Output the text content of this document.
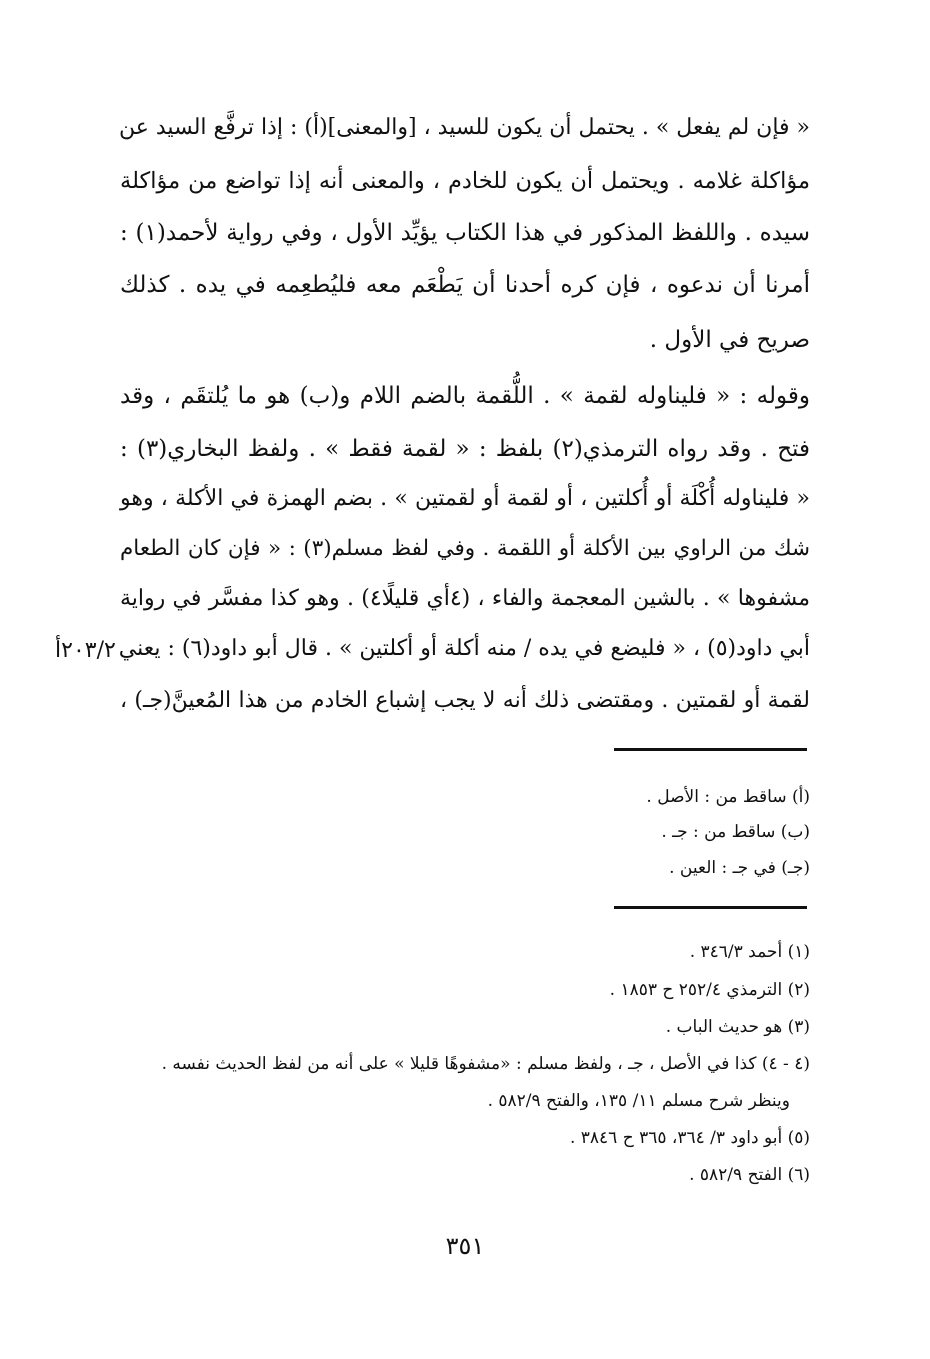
« فإن لم يفعل » . يحتمل أن يكون للسيد ، [والمعنى](أ) : إذا ترفَّع السيد عن
مؤاكلة غلامه . ويحتمل أن يكون للخادم ، والمعنى أنه إذا تواضع من مؤاكلة
سيده . واللفظ المذكور في هذا الكتاب يؤيِّد الأول ، وفي رواية لأحمد(١) :
أمرنا أن ندعوه ، فإن كره أحدنا أن يَطْعَم معه فليُطعِمه في يده . كذلك
صريح في الأول .
وقوله : « فليناوله لقمة » . اللُّقمة بالضم اللام و(ب) هو ما يُلتقَم ، وقد
فتح . وقد رواه الترمذي(٢) بلفظ : « لقمة فقط » . ولفظ البخاري(٣) :
« فليناوله أُكْلَة أو أُكلتين ، أو لقمة أو لقمتين » . بضم الهمزة في الأكلة ، وهو
شك من الراوي بين الأكلة أو اللقمة . وفي لفظ مسلم(٣) : « فإن كان الطعام
مشفوها » . بالشين المعجمة والفاء ، (٤أي قليلًا٤) . وهو كذا مفسَّر في رواية
أبي داود(٥) ، « فليضع في يده / منه أكلة أو أكلتين » . قال أبو داود(٦) : يعني
لقمة أو لقمتين . ومقتضى ذلك أنه لا يجب إشباع الخادم من هذا المُعينَّ(جـ) ،
٢٠٣/٢أ
(أ) ساقط من : الأصل .
(ب) ساقط من : جـ .
(جـ) في جـ : العين .
(١) أحمد ٣٤٦/٣ .
(٢) الترمذي ٢٥٢/٤ ح ١٨٥٣ .
(٣) هو حديث الباب .
(٤ - ٤) كذا في الأصل ، جـ ، ولفظ مسلم : «مشفوهًا قليلا » على أنه من لفظ الحديث نفسه .
وينظر شرح مسلم ١١/ ١٣٥، والفتح ٥٨٢/٩ .
(٥) أبو داود ٣/ ٣٦٤، ٣٦٥ ح ٣٨٤٦ .
(٦) الفتح ٥٨٢/٩ .
٣٥١
